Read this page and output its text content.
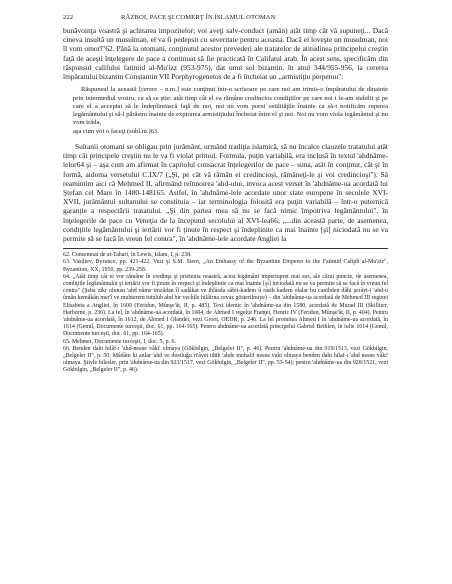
222	RĂZBOI, PACE ŞI COMERŢ ÎN ISLAMUL OTOMAN

bunăvoinţa voastră şi achitarea impozitelor; voi aveţi salv-conduct (amân) atât timp cât vă supuneţi... Dacă cineva insultă un musulman, el va fi pedepsit cu severitate pentru aceasta. Dacă el loveşte un musulman, noi îl vom omorî"62. Până la otomani, conţinutul acestor prevederi ale tratatelor de atitudinea principelui creştin faţă de aceşti înţelegere de pace a continuat să fie practicată în Califatul arab. În acest sens, specificăm din răspunsul califului fatimid al-Mu'izz (953-975), dat unui sol bizantin, în anul 344/955-956, la cererea împăratului bizantin Constantin VII Porphyrogenetos de a fi încheiat un „armistiţiu perpetuu":

Răspunsul la această [cerere – n.m.] este conţinut într-o scrisoare pe care noi am trimis-o împăratului de dinainte prin intermediul vostru, ca să se ştie: atât timp cât el va rămâne credincios condiţiilor pe care noi i le-am stabilit şi pe care el a acceptat să le îndeplinească faţă de noi, noi nu vom porni ostilităţile înainte ca să-i notificăm ruperea legământului şi să-l părăsim înainte de expirarea armistiţiului încheiat între el şi noi. Noi nu vom viola legământul şi nu vom trăda,

aşa cum voi o faceţi (subl.m.)63.

Sultanii otomani se obligau prin jurământ, urmând tradiţia islamică, să nu încalce clauzele tratatului atât timp cât principele creştin nu le va fi violat primul. Formula, puţin variabilă, era inclusă în textul 'ahdnâme-lelor64 şi – aşa cum am afirmat în capitolul consacrat înţelegerilor de pace – suna, atât în conţinut, cât şi în formă, aidoma versetului C.IX/7 („Şi, pe cât vă rămân ei credincioşi, rămâneţi-le şi voi credincioşi"). Să reamintim aici că Mehmed II, afirmând reînnoirea 'ahd-ului, invoca acest verset în 'ahdnâme-ua acordată lui Ştefan cel Mare în 1480-148165. Astfel, în 'ahdnâme-lele acordate unor state europene în secolele XVI-XVII, jurământul sultanului se constituia – iar terminologia folosită era puţin variabilă – într-o puternică garanţie a respectării tratatului. „Şi din partea mea să nu se facă nimic împotriva legământului", în înţelegerile de pace cu Veneţia de la începutul secolului al XVI-lea66; „...din această parte, de asemenea, condiţiile legământului şi iertării vor fi ţinute în respect şi îndeplinite ca mai înainte [şi] niciodată nu se va permite să se facă în vreun fel contra", în 'ahdnâme-lele acordate Angliei la

62. Consemnat de at-Tabari, în Lewis, Islam, I, p. 238.

63. Vasiliev, Byzance, pp. 421-422. Vezi şi S.M. Stern, „An Embassy of the Byzantine Emperor to the Fatimid Caliph al-Mu'izz", Byzantion, XX, 1950, pp. 239-258.

64. „Atât timp cât ei vor rămâne în credinţa şi prietenia noastră, acest legământ imperiupret mai sus, ale cărui puncte, de asemenea, condiţiile legământului şi iertării vor fi ţinute în respect şi îndeplinite ca mai înainte [şi] niciodată nu se va permite să se facă în vreun fel contra" (Şeba zîkr olunan 'ahd nâme imzâdan îl sadâkat ve ihlâsda sâbit-kadem û râsih kadem olalar bu canibden dâhi şerâyt-i 'ahd-u ûmân kemâkân mer'î ve muhterem tutulub ahd bir vechile hilâfına cevaz gösterilmiye) – din 'ahdnâme-ua acordată de Mehmed III reginei Elisabeta a Angliei, în 1600 (Feridun, Mûnşe'ât, II, p. 485). Text identic în 'ahdnâme-ua din 1580, acordată de Murad III (Skilliter, Harborne, p. 236). La fel, în 'ahdnâme-ua acordată, în 1604, de Ahmed I regelui Franţei, Henric IV (Feridun, Mûnşe'ât, II, p. 404). Pentru 'ahdnâme-ua acordată, în 1612, de Ahmed I Olandei, vezi Groot, OEDR, p. 246. La fel promitea Ahmed I în 'ahdnâme-ua acordată, în 1614 (Gemil, Documente turceşti, doc. 61, pp. 164-165). Pentru ahdnâme-ua acordată principelui Gabriel Bethlen, în iulie 1614 (Gemil, Documente turceşti, doc. 61, pp. 164-165).

65. Mehmet, Documente turceşti, I, doc. 5, p. 6.

66. Benden dahi hilâf-ı 'ahd-nesne vâki' olmaya (Gökbilgin, „Belgeler II", p. 46). Pentru 'ahdnâme-ua din 919/1513, vezi Gökbilgin, „Belgeler II", p. 50: Mâdâm ki anlar 'ahd ve dostluğu ri'âyet idüb 'ahde muhalif nesne vaki olmaya benden dahi hilaf-ı 'ahd nesne vâki' olmaya. Ştiyle bilesler, prin 'ahdnâme-ua din 923/1517, vezi Gökbilgin, „Belgeler II", pp. 53-54); pentru 'ahdnâme-ua din 928/1521, vezi Gökbilgin, „Belgeler II", p. 46).
